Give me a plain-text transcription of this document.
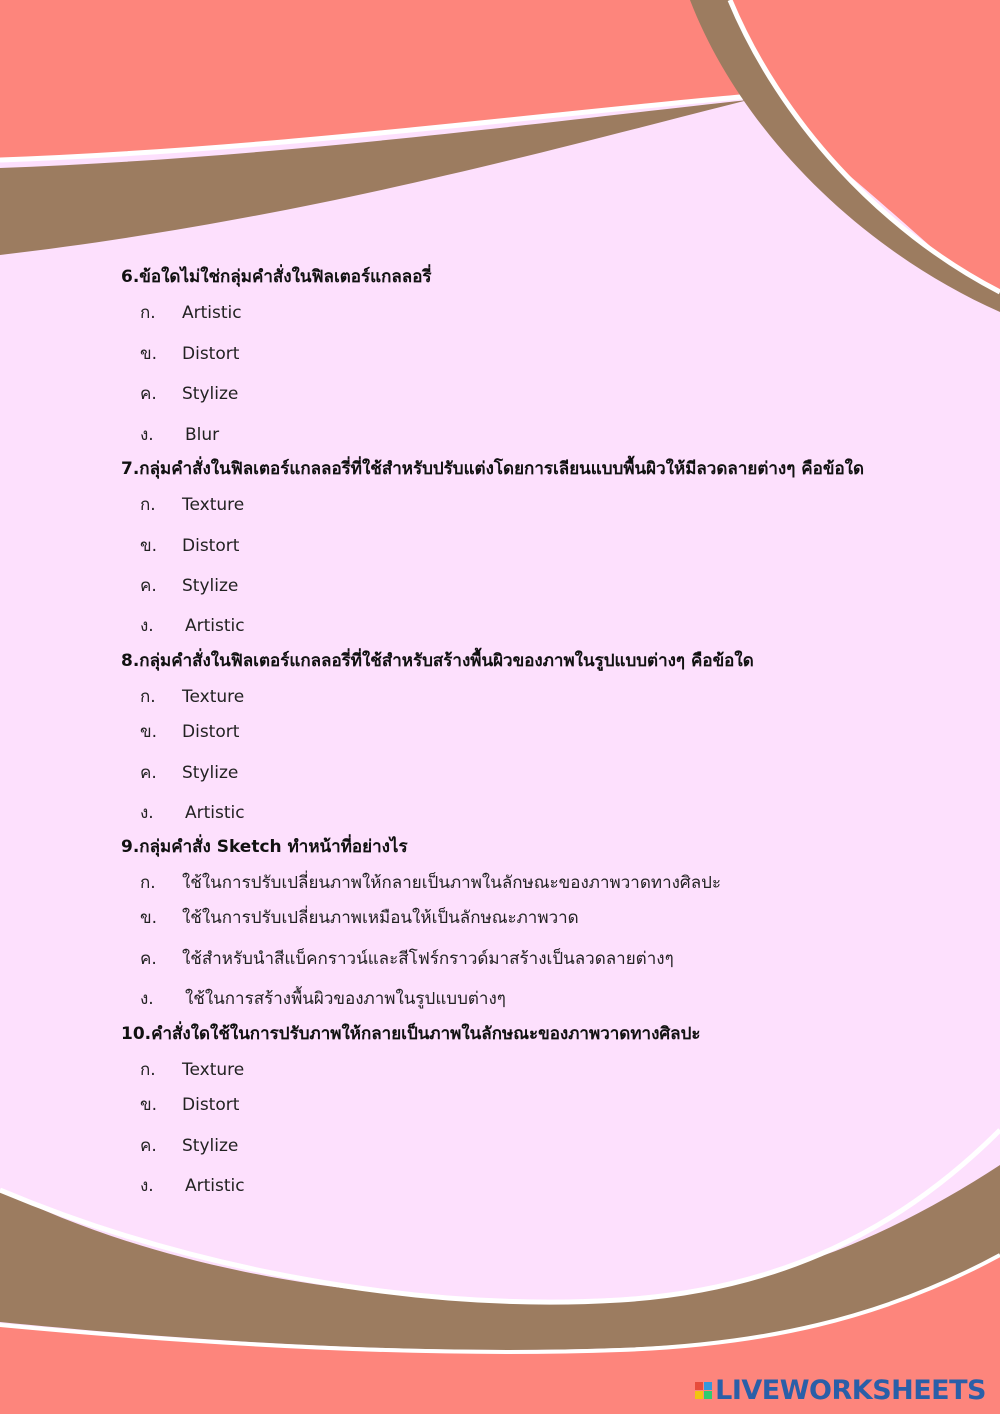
6.ข้อใดไม่ใช่กลุ่มคำสั่งในฟิลเตอร์แกลลอรี่

ก. Artistic
ข. Distort
ค. Stylize
ง. Blur

7.กลุ่มคำสั่งในฟิลเตอร์แกลลอรี่ที่ใช้สำหรับปรับแต่งโดยการเลียนแบบพื้นผิวให้มีลวดลายต่างๆ คือข้อใด

ก. Texture
ข. Distort
ค. Stylize
ง. Artistic

8.กลุ่มคำสั่งในฟิลเตอร์แกลลอรี่ที่ใช้สำหรับสร้างพื้นผิวของภาพในรูปแบบต่างๆ คือข้อใด

ก. Texture
ข. Distort
ค. Stylize
ง. Artistic

9.กลุ่มคำสั่ง Sketch ทำหน้าที่อย่างไร

ก. ใช้ในการปรับเปลี่ยนภาพให้กลายเป็นภาพในลักษณะของภาพวาดทางศิลปะ
ข. ใช้ในการปรับเปลี่ยนภาพเหมือนให้เป็นลักษณะภาพวาด
ค. ใช้สำหรับนำสีแบ็คกราวน์และสีโฟร์กราวด์มาสร้างเป็นลวดลายต่างๆ
ง. ใช้ในการสร้างพื้นผิวของภาพในรูปแบบต่างๆ

10.คำสั่งใดใช้ในการปรับภาพให้กลายเป็นภาพในลักษณะของภาพวาดทางศิลปะ

ก. Texture
ข. Distort
ค. Stylize
ง. Artistic
LIVEWORKSHEETS
